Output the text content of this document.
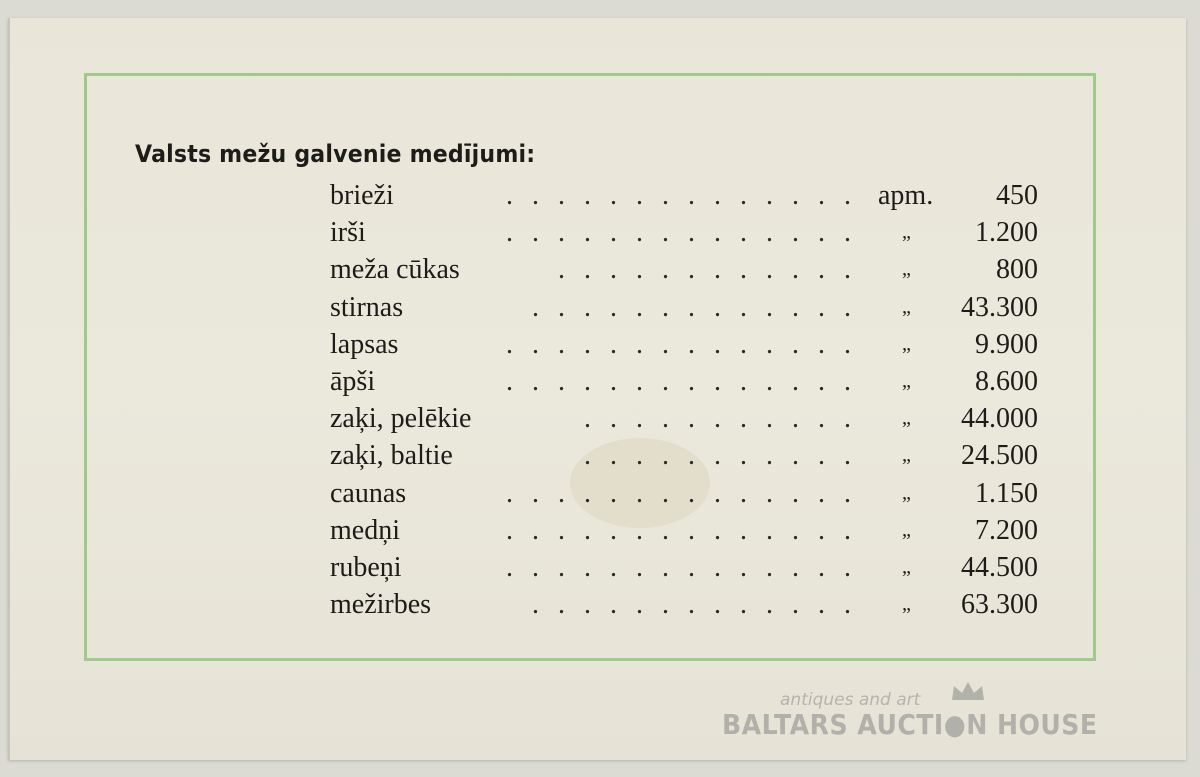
Valsts mežu galvenie medījumi:
..............
brieži	apm. 450
..............
irši	„ 1.200
............
meža cūkas	„	800
.............
stirnas	„ 43.300
..............
lapsas	„ 9.900
..............
āpši	„ 8.600
...........
zaķi, pelēkie	„ 44.000
...........
zaķi, baltie	„ 24.500
..............
caunas	„ 1.150
..............
medņi	„ 7.200
..............
rubeņi	„ 44.500
.............
mežirbes	„ 63.300
antiques and art
BALTARS AUCTI●N HOUSE
